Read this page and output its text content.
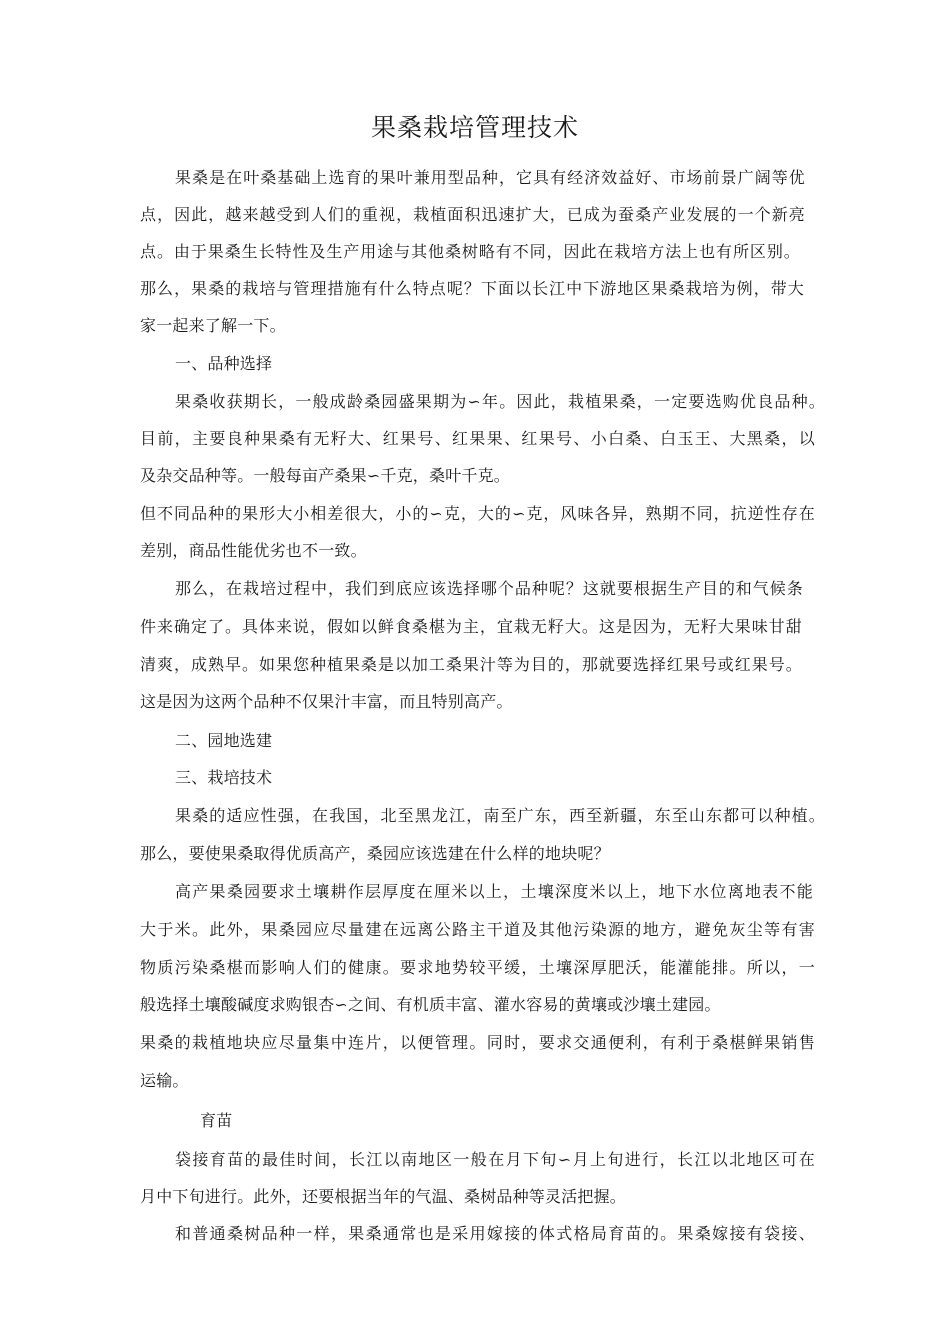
果桑栽培管理技术
果桑是在叶桑基础上选育的果叶兼用型品种，它具有经济效益好、市场前景广阔等优
点，因此，越来越受到人们的重视，栽植面积迅速扩大，已成为蚕桑产业发展的一个新亮
点。由于果桑生长特性及生产用途与其他桑树略有不同，因此在栽培方法上也有所区别。
那么，果桑的栽培与管理措施有什么特点呢？下面以长江中下游地区果桑栽培为例，带大
家一起来了解一下。
一、品种选择
果桑收获期长，一般成龄桑园盛果期为∽年。因此，栽植果桑，一定要选购优良品种。
目前，主要良种果桑有无籽大、红果号、红果果、红果号、小白桑、白玉王、大黑桑，以
及杂交品种等。一般每亩产桑果∽千克，桑叶千克。
但不同品种的果形大小相差很大，小的∽克，大的∽克，风味各异，熟期不同，抗逆性存在
差别，商品性能优劣也不一致。
那么，在栽培过程中，我们到底应该选择哪个品种呢？这就要根据生产目的和气候条
件来确定了。具体来说，假如以鲜食桑椹为主，宜栽无籽大。这是因为，无籽大果味甘甜
清爽，成熟早。如果您种植果桑是以加工桑果汁等为目的，那就要选择红果号或红果号。
这是因为这两个品种不仅果汁丰富，而且特别高产。
二、园地选建
三、栽培技术
果桑的适应性强，在我国，北至黑龙江，南至广东，西至新疆，东至山东都可以种植。
那么，要使果桑取得优质高产，桑园应该选建在什么样的地块呢？
高产果桑园要求土壤耕作层厚度在厘米以上，土壤深度米以上，地下水位离地表不能
大于米。此外，果桑园应尽量建在远离公路主干道及其他污染源的地方，避免灰尘等有害
物质污染桑椹而影响人们的健康。要求地势较平缓，土壤深厚肥沃，能灌能排。所以，一
般选择土壤酸碱度求购银杏∽之间、有机质丰富、灌水容易的黄壤或沙壤土建园。
果桑的栽植地块应尽量集中连片，以便管理。同时，要求交通便利，有利于桑椹鲜果销售
运输。
育苗
袋接育苗的最佳时间，长江以南地区一般在月下旬∽月上旬进行，长江以北地区可在
月中下旬进行。此外，还要根据当年的气温、桑树品种等灵活把握。
和普通桑树品种一样，果桑通常也是采用嫁接的体式格局育苗的。果桑嫁接有袋接、
